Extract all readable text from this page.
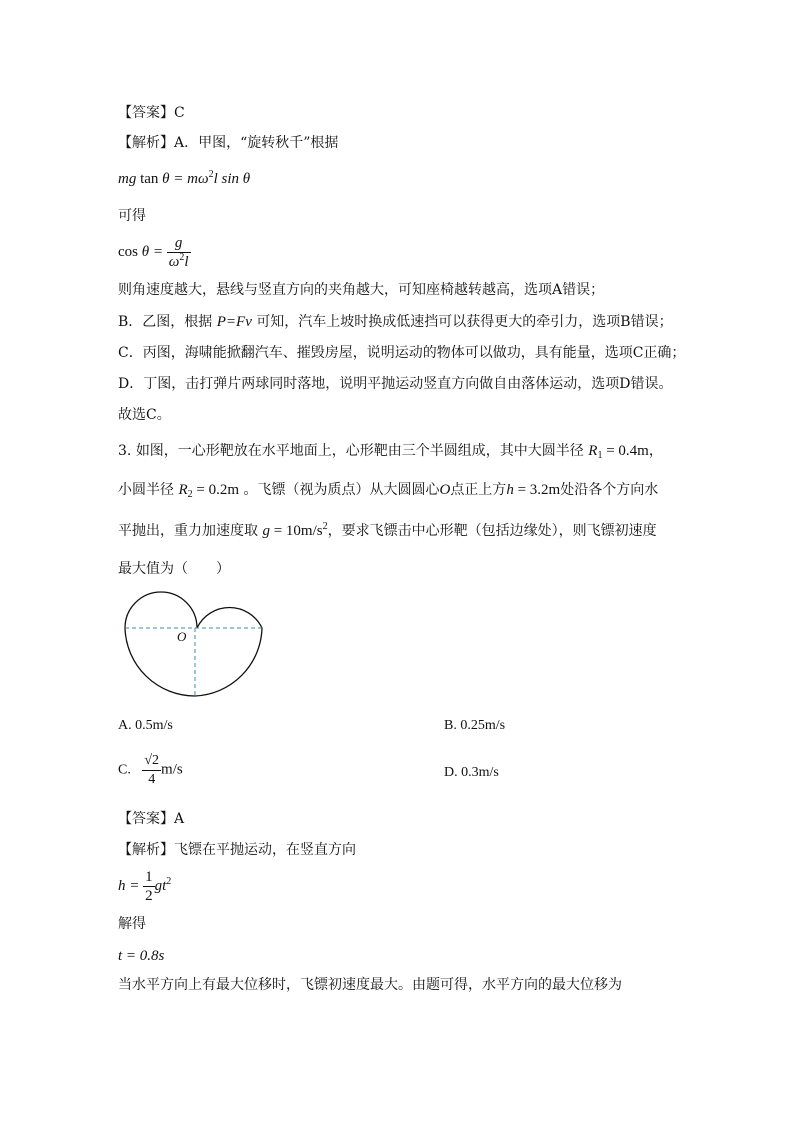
【答案】C
【解析】A．甲图，“旋转秋千”根据
mg $\tan \theta = m\omega^2l$ sin θ
可得
$\cos \theta = \frac{g}{\omega^2l}$
则角速度越大，悬线与竖直方向的夹角越大，可知座椅越转越高，选项A错误；
B．乙图，根据 P=Fv 可知，汽车上坡时换成低速挡可以获得更大的牵引力，选项B错误；
C．丙图，海啸能掀翻汽车、摧毁房屋，说明运动的物体可以做功，具有能量，选项C正确；
D．丁图，击打弹片两球同时落地，说明平抛运动竖直方向做自由落体运动，选项D错误。
故选C。
3. 如图，一心形靶放在水平地面上，心形靶由三个半圆组成，其中大圆半径 $R_1 = 0.4m$，
小圆半径 $R_2 = 0.2m$ 。飞镖（视为质点）从大圆圆心O点正上方h = 3.2m处沿各个方向水
平抛出，重力加速度取 $g = 10m/s^2$，要求飞镖击中心形靶（包括边缘处），则飞镖初速度
最大值为（　　）
O
A. 0.5m/s	B. 0.25m/s
C. $\frac{√2}{4} m/s$	D. 0.3m/s
【答案】A
【解析】飞镖在平抛运动，在竖直方向
$h = \frac{1}{2} gt^2$
解得
t = 0.8s
当水平方向上有最大位移时，飞镖初速度最大。由题可得，水平方向的最大位移为
